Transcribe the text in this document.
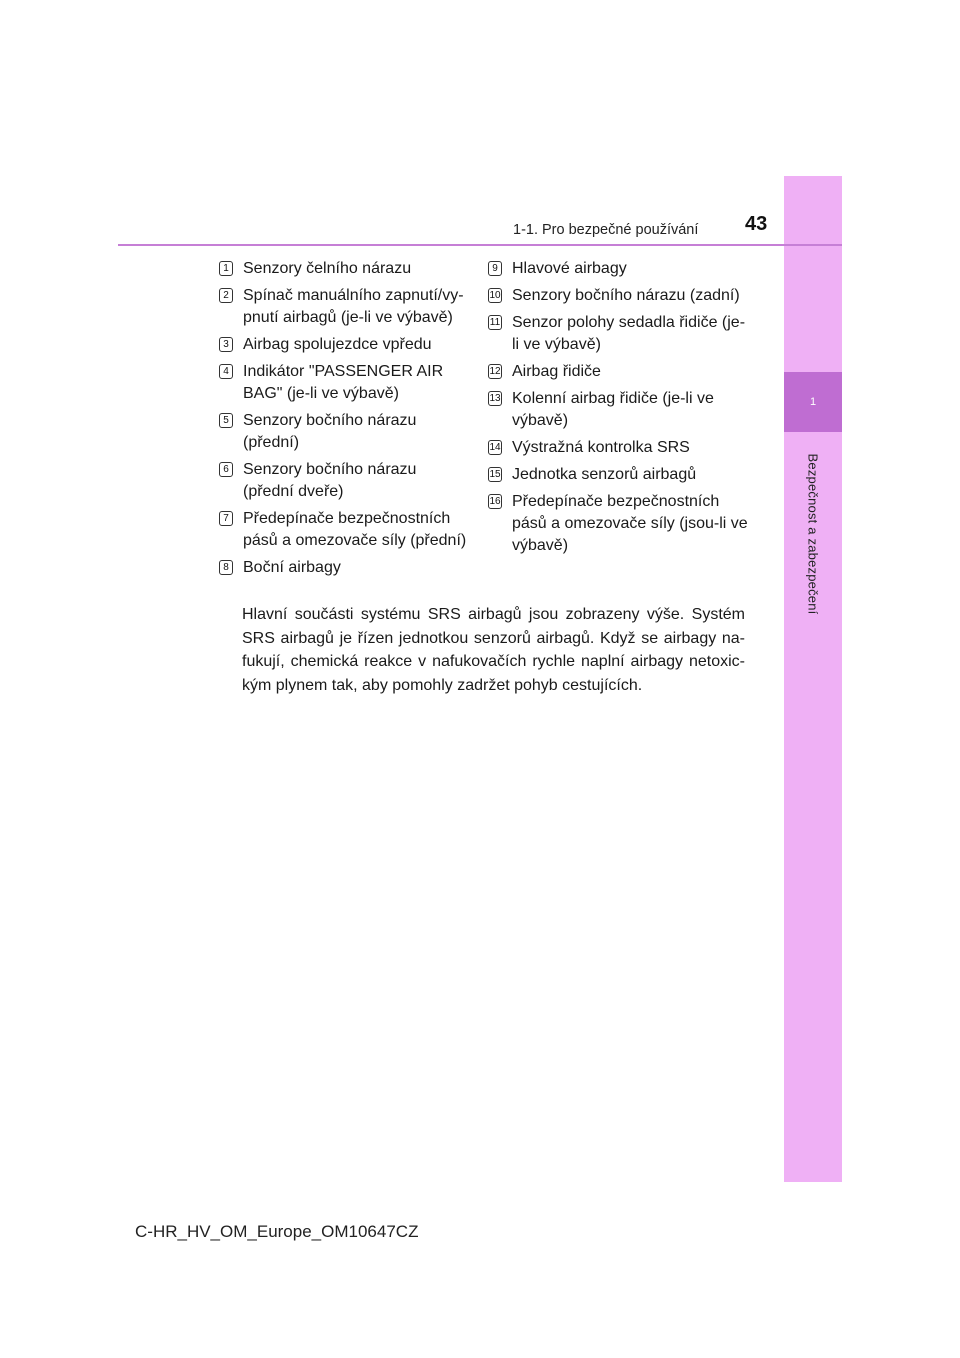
1
Bezpečnost a zabezpečení
1-1. Pro bezpečné používání 43
1 Senzory čelního nárazu
2 Spínač manuálního zapnutí/vy-pnutí airbagů (je-li ve výbavě)
3 Airbag spolujezdce vpředu
4 Indikátor "PASSENGER AIR BAG" (je-li ve výbavě)
5 Senzory bočního nárazu (přední)
6 Senzory bočního nárazu (přední dveře)
7 Předepínače bezpečnostních pásů a omezovače síly (přední)
8 Boční airbagy
9 Hlavové airbagy
10 Senzory bočního nárazu (zadní)
11 Senzor polohy sedadla řidiče (je-li ve výbavě)
12 Airbag řidiče
13 Kolenní airbag řidiče (je-li ve výbavě)
14 Výstražná kontrolka SRS
15 Jednotka senzorů airbagů
16 Předepínače bezpečnostních pásů a omezovače síly (jsou-li ve výbavě)

Hlavní součásti systému SRS airbagů jsou zobrazeny výše. Systém SRS airbagů je řízen jednotkou senzorů airbagů. Když se airbagy na-fukují, chemická reakce v nafukovačích rychle naplní airbagy netoxic-kým plynem tak, aby pomohly zadržet pohyb cestujících.

C-HR_HV_OM_Europe_OM10647CZ
